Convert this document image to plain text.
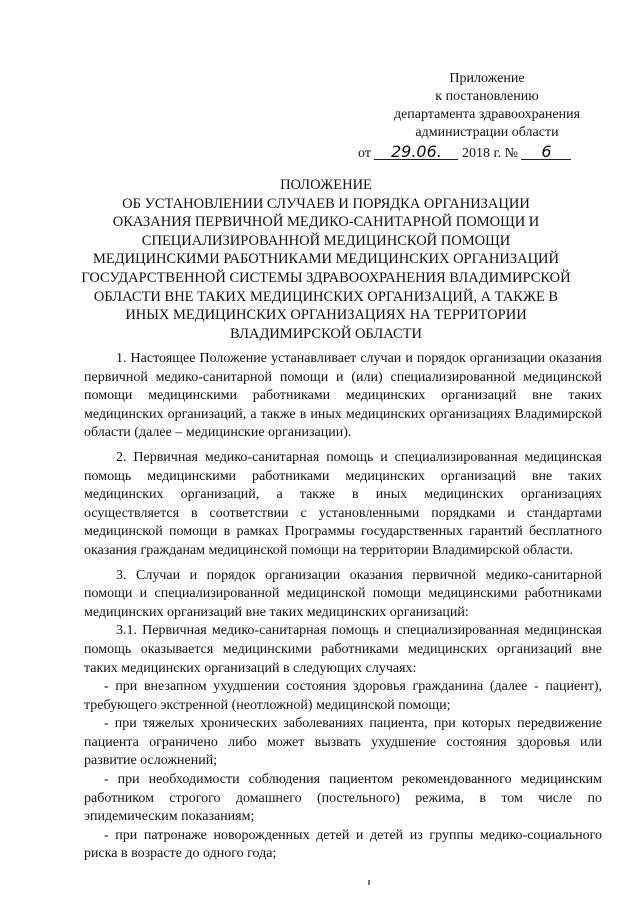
Приложение
к постановлению
департамента здравоохранения
администрации области
от 29.06. 2018 г. № 6
ПОЛОЖЕНИЕ
ОБ УСТАНОВЛЕНИИ СЛУЧАЕВ И ПОРЯДКА ОРГАНИЗАЦИИ
ОКАЗАНИЯ ПЕРВИЧНОЙ МЕДИКО-САНИТАРНОЙ ПОМОЩИ И
СПЕЦИАЛИЗИРОВАННОЙ МЕДИЦИНСКОЙ ПОМОЩИ
МЕДИЦИНСКИМИ РАБОТНИКАМИ МЕДИЦИНСКИХ ОРГАНИЗАЦИЙ
ГОСУДАРСТВЕННОЙ СИСТЕМЫ ЗДРАВООХРАНЕНИЯ ВЛАДИМИРСКОЙ
ОБЛАСТИ ВНЕ ТАКИХ МЕДИЦИНСКИХ ОРГАНИЗАЦИЙ, А ТАКЖЕ В
ИНЫХ МЕДИЦИНСКИХ ОРГАНИЗАЦИЯХ НА ТЕРРИТОРИИ
ВЛАДИМИРСКОЙ ОБЛАСТИ

1. Настоящее Положение устанавливает случаи и порядок организации оказания первичной медико-санитарной помощи и (или) специализированной медицинской помощи медицинскими работниками медицинских организаций вне таких медицинских организаций, а также в иных медицинских организациях Владимирской области (далее – медицинские организации).

2. Первичная медико-санитарная помощь и специализированная медицинская помощь медицинскими работниками медицинских организаций вне таких медицинских организаций, а также в иных медицинских организациях осуществляется в соответствии с установленными порядками и стандартами медицинской помощи в рамках Программы государственных гарантий бесплатного оказания гражданам медицинской помощи на территории Владимирской области.

3. Случаи и порядок организации оказания первичной медико-санитарной помощи и специализированной медицинской помощи медицинскими работниками медицинских организаций вне таких медицинских организаций:

3.1. Первичная медико-санитарная помощь и специализированная медицинская помощь оказывается медицинскими работниками медицинских организаций вне таких медицинских организаций в следующих случаях:

- при внезапном ухудшении состояния здоровья гражданина (далее - пациент), требующего экстренной (неотложной) медицинской помощи;

- при тяжелых хронических заболеваниях пациента, при которых передвижение пациента ограничено либо может вызвать ухудшение состояния здоровья или развитие осложнений;

- при необходимости соблюдения пациентом рекомендованного медицинским работником строгого домашнего (постельного) режима, в том числе по эпидемическим показаниям;

- при патронаже новорожденных детей и детей из группы медико-социального риска в возрасте до одного года;
